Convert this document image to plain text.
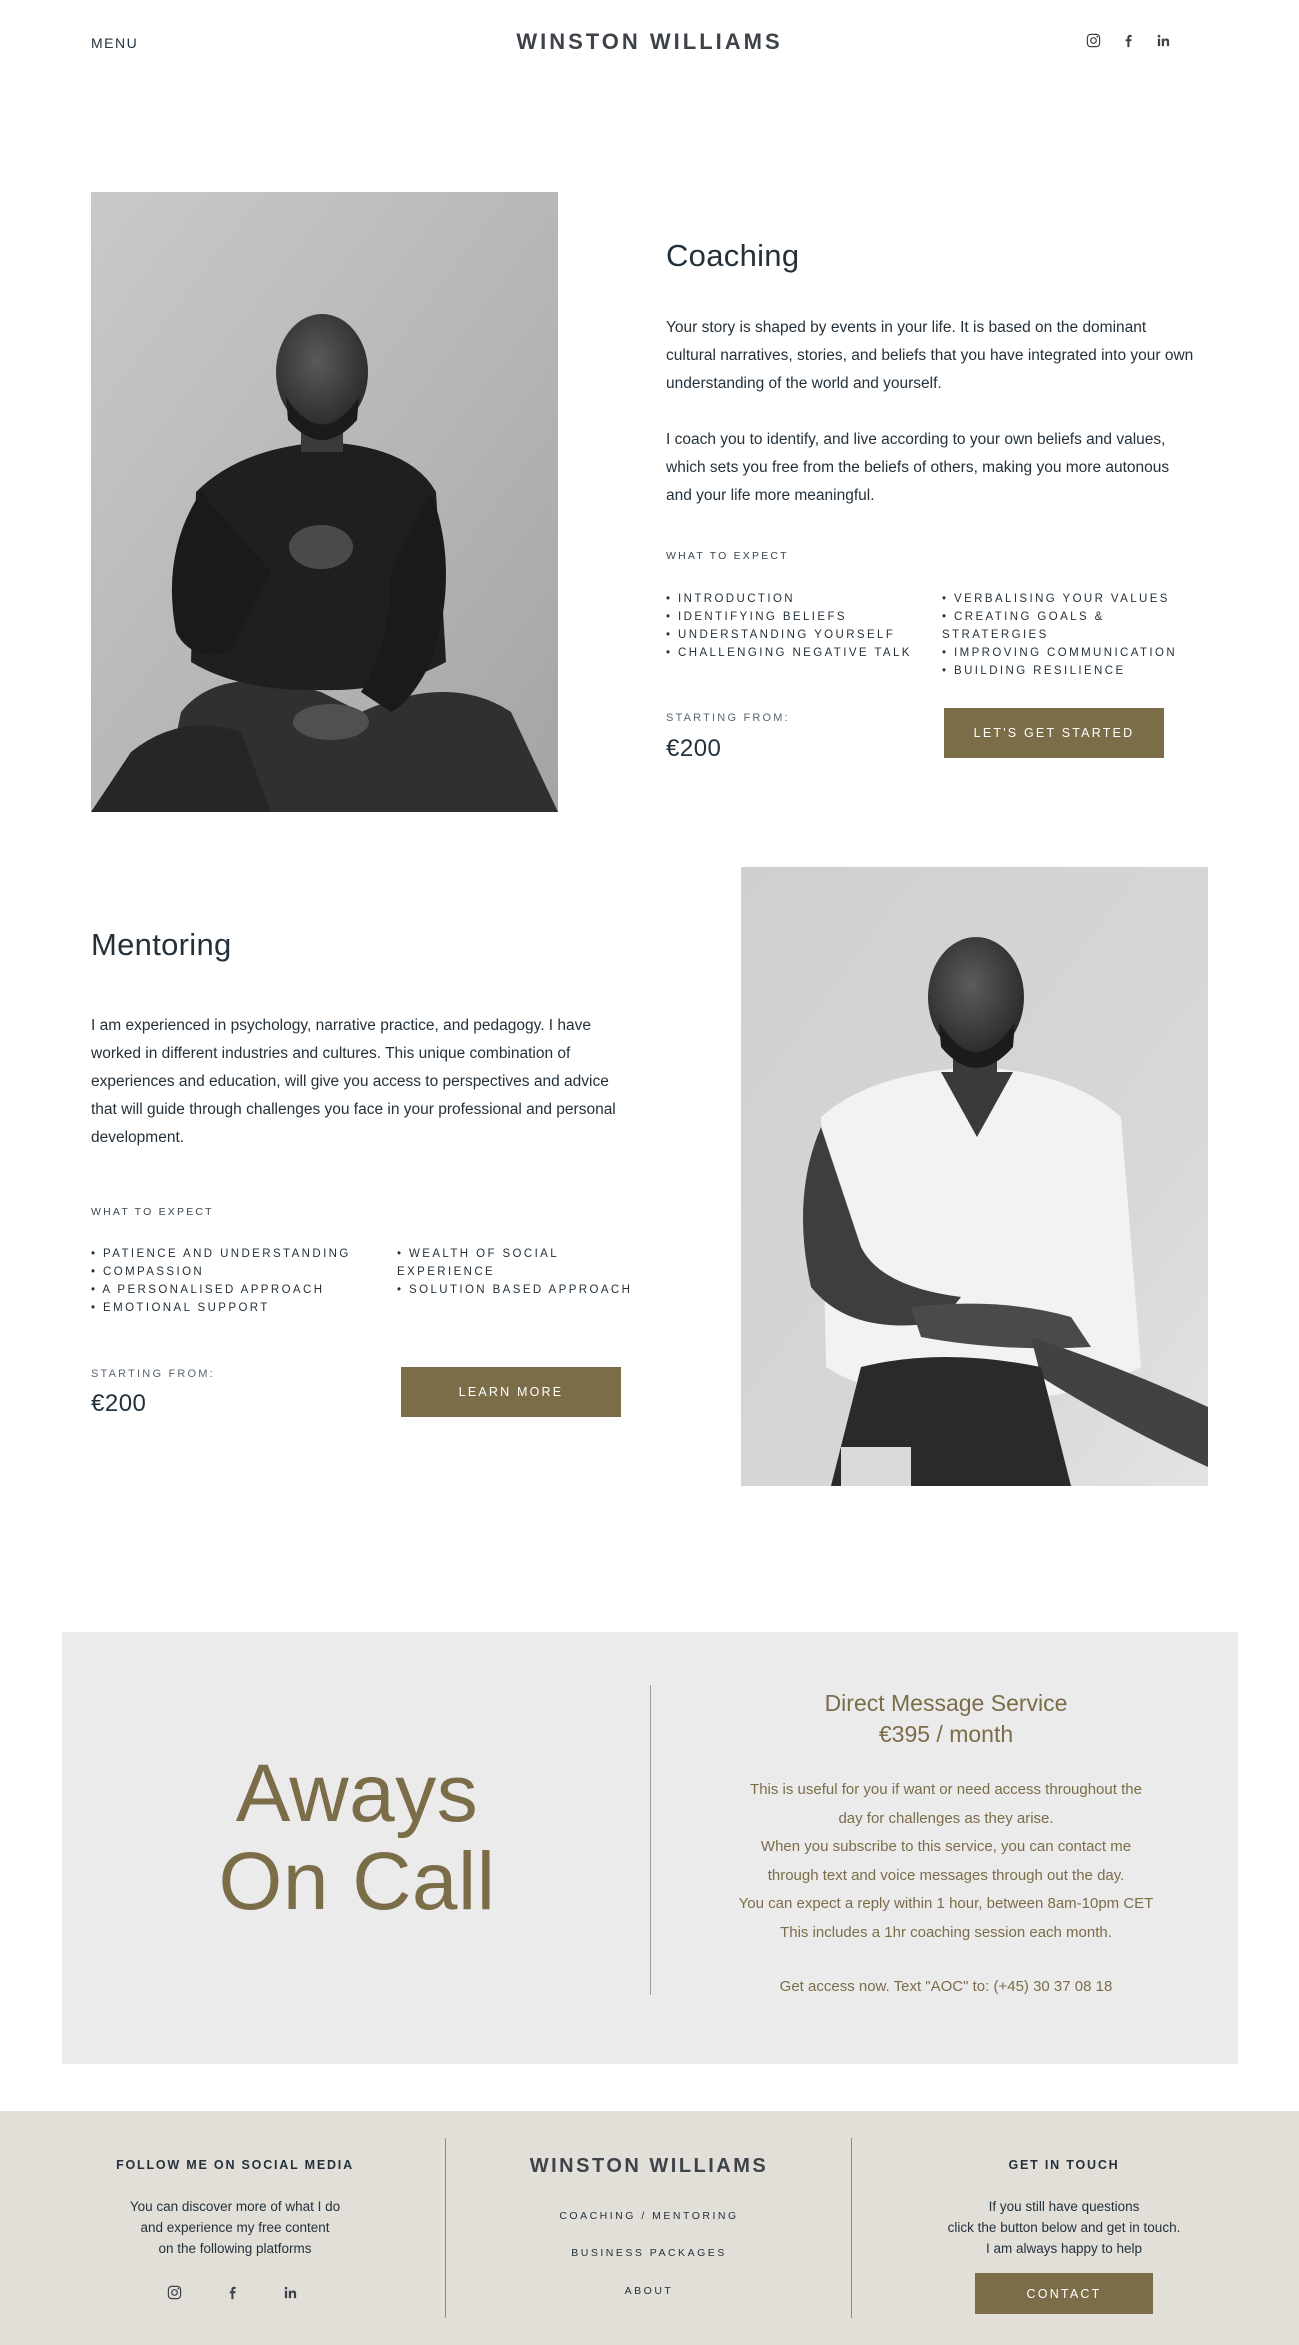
MENU	WINSTON WILLIAMS
Coaching

Your story is shaped by events in your life. It is based on the dominant cultural narratives, stories, and beliefs that you have integrated into your own understanding of the world and yourself.

I coach you to identify, and live according to your own beliefs and values, which sets you free from the beliefs of others, making you more autonous and your life more meaningful.

WHAT TO EXPECT
• INTRODUCTION
• IDENTIFYING BELIEFS
• UNDERSTANDING YOURSELF
• CHALLENGING NEGATIVE TALK
• VERBALISING YOUR VALUES
• CREATING GOALS & STRATERGIES
• IMPROVING COMMUNICATION
• BUILDING RESILIENCE
STARTING FROM:
€200
LET'S GET STARTED
Mentoring

I am experienced in psychology, narrative practice, and pedagogy. I have worked in different industries and cultures. This unique combination of experiences and education, will give you access to perspectives and advice that will guide through challenges you face in your professional and personal development.

WHAT TO EXPECT
• PATIENCE AND UNDERSTANDING
• COMPASSION
• A PERSONALISED APPROACH
• EMOTIONAL SUPPORT
• WEALTH OF SOCIAL EXPERIENCE
• SOLUTION BASED APPROACH
STARTING FROM:
€200	LEARN MORE
Aways
On Call
Direct Message Service
€395 / month
This is useful for you if want or need access throughout the
day for challenges as they arise.
When you subscribe to this service, you can contact me
through text and voice messages through out the day.
You can expect a reply within 1 hour, between 8am-10pm CET
This includes a 1hr coaching session each month.
Get access now. Text "AOC" to: (+45) 30 37 08 18
FOLLOW ME ON SOCIAL MEDIA
You can discover more of what I do
and experience my free content
on the following platforms
WINSTON WILLIAMS
COACHING / MENTORING
BUSINESS PACKAGES
ABOUT
GET IN TOUCH
If you still have questions
click the button below and get in touch.
I am always happy to help
CONTACT
